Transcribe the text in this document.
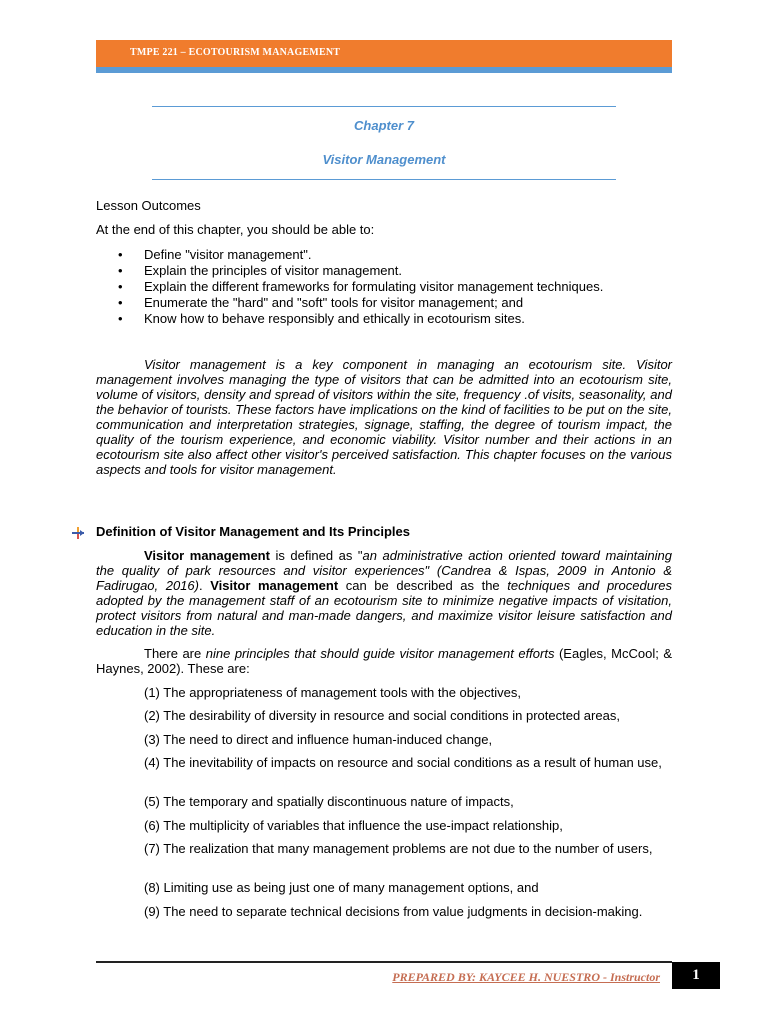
TMPE 221 – ECOTOURISM MANAGEMENT
Chapter 7
Visitor Management
Lesson Outcomes
At the end of this chapter, you should be able to:
• Define "visitor management".
• Explain the principles of visitor management.
• Explain the different frameworks for formulating visitor management techniques.
• Enumerate the "hard" and "soft" tools for visitor management; and
• Know how to behave responsibly and ethically in ecotourism sites.
Visitor management is a key component in managing an ecotourism site. Visitor management involves managing the type of visitors that can be admitted into an ecotourism site, volume of visitors, density and spread of visitors within the site, frequency .of visits, seasonality, and the behavior of tourists. These factors have implications on the kind of facilities to be put on the site, communication and interpretation strategies, signage, staffing, the degree of tourism impact, the quality of the tourism experience, and economic viability. Visitor number and their actions in an ecotourism site also affect other visitor's perceived satisfaction. This chapter focuses on the various aspects and tools for visitor management.
Definition of Visitor Management and Its Principles
Visitor management is defined as "an administrative action oriented toward maintaining the quality of park resources and visitor experiences" (Candrea & Ispas, 2009 in Antonio & Fadirugao, 2016). Visitor management can be described as the techniques and procedures adopted by the management staff of an ecotourism site to minimize negative impacts of visitation, protect visitors from natural and man-made dangers, and maximize visitor leisure satisfaction and education in the site.
There are nine principles that should guide visitor management efforts (Eagles, McCool; & Haynes, 2002). These are:
(1) The appropriateness of management tools with the objectives,
(2) The desirability of diversity in resource and social conditions in protected areas,
(3) The need to direct and influence human-induced change,
(4) The inevitability of impacts on resource and social conditions as a result of human use,
(5) The temporary and spatially discontinuous nature of impacts,
(6) The multiplicity of variables that influence the use-impact relationship,
(7) The realization that many management problems are not due to the number of users,
(8) Limiting use as being just one of many management options, and
(9) The need to separate technical decisions from value judgments in decision-making.
PREPARED BY: KAYCEE H. NUESTRO - Instructor	1
